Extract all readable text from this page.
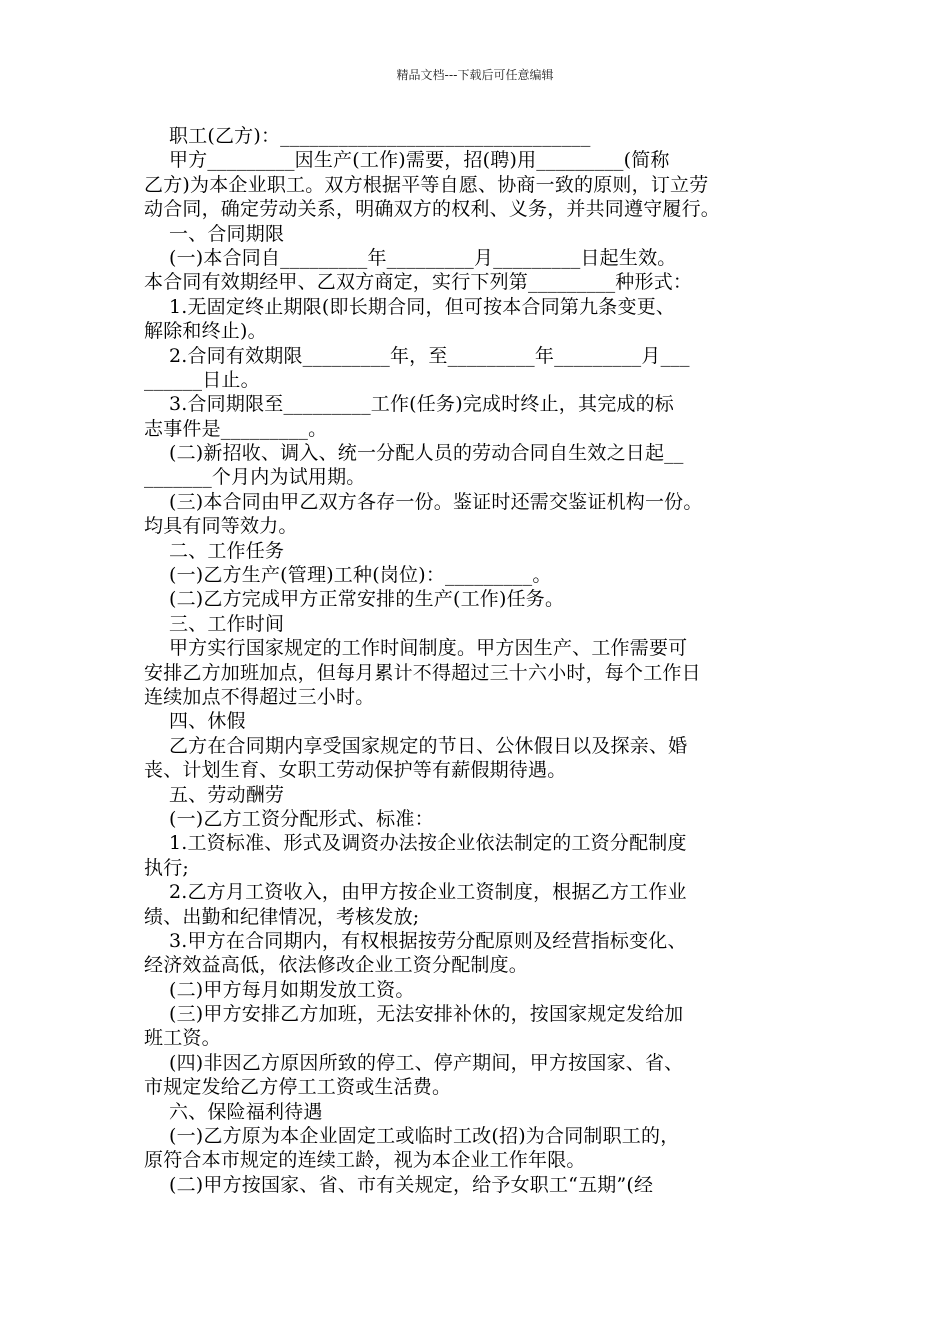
精品文档---下载后可任意编辑
职工(乙方)：________________________________
甲方_________因生产(工作)需要，招(聘)用_________(简称
乙方)为本企业职工。双方根据平等自愿、协商一致的原则，订立劳
动合同，确定劳动关系，明确双方的权利、义务，并共同遵守履行。
一、合同期限
(一)本合同自_________年_________月_________日起生效。
本合同有效期经甲、乙双方商定，实行下列第_________种形式：
1.无固定终止期限(即长期合同，但可按本合同第九条变更、
解除和终止)。
2.合同有效期限_________年，至_________年_________月___
______日止。
3.合同期限至_________工作(任务)完成时终止，其完成的标
志事件是_________。
(二)新招收、调入、统一分配人员的劳动合同自生效之日起__
_______个月内为试用期。
(三)本合同由甲乙双方各存一份。鉴证时还需交鉴证机构一份。
均具有同等效力。
二、工作任务
(一)乙方生产(管理)工种(岗位)：_________。
(二)乙方完成甲方正常安排的生产(工作)任务。
三、工作时间
甲方实行国家规定的工作时间制度。甲方因生产、工作需要可
安排乙方加班加点，但每月累计不得超过三十六小时，每个工作日
连续加点不得超过三小时。
四、休假
乙方在合同期内享受国家规定的节日、公休假日以及探亲、婚
丧、计划生育、女职工劳动保护等有薪假期待遇。
五、劳动酬劳
(一)乙方工资分配形式、标准：
1.工资标准、形式及调资办法按企业依法制定的工资分配制度
执行;
2.乙方月工资收入，由甲方按企业工资制度，根据乙方工作业
绩、出勤和纪律情况，考核发放;
3.甲方在合同期内，有权根据按劳分配原则及经营指标变化、
经济效益高低，依法修改企业工资分配制度。
(二)甲方每月如期发放工资。
(三)甲方安排乙方加班，无法安排补休的，按国家规定发给加
班工资。
(四)非因乙方原因所致的停工、停产期间，甲方按国家、省、
市规定发给乙方停工工资或生活费。
六、保险福利待遇
(一)乙方原为本企业固定工或临时工改(招)为合同制职工的，
原符合本市规定的连续工龄，视为本企业工作年限。
(二)甲方按国家、省、市有关规定，给予女职工“五期”(经
